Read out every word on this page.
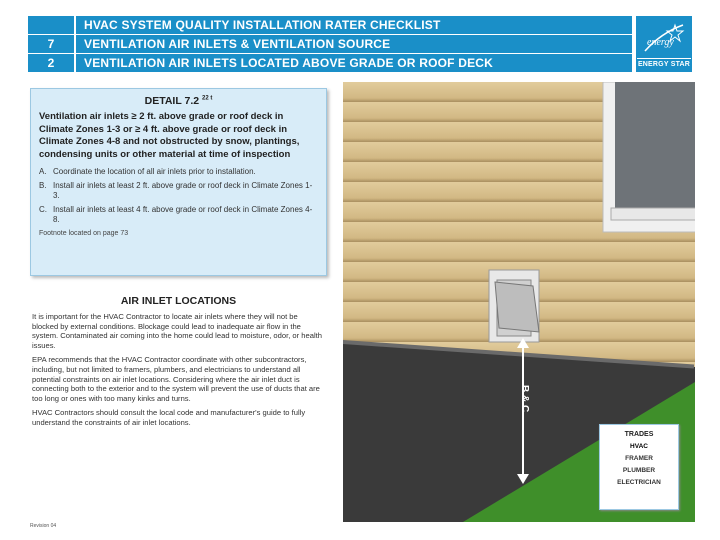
HVAC SYSTEM QUALITY INSTALLATION RATER CHECKLIST
7	VENTILATION AIR INLETS & VENTILATION SOURCE
2	VENTILATION AIR INLETS LOCATED ABOVE GRADE OR ROOF DECK
energy
ENERGY STAR
DETAIL 7.2 $^{22 t}$
Ventilation air inlets ≥ 2 ft. above grade or roof deck in Climate Zones 1-3 or ≥ 4 ft. above grade or roof deck in Climate Zones 4-8 and not obstructed by snow, plantings, condensing units or other material at time of inspection
A. Coordinate the location of all air inlets prior to installation.
B. Install air inlets at least 2 ft. above grade or roof deck in Climate Zones 1-3.
C. Install air inlets at least 4 ft. above grade or roof deck in Climate Zones 4-8.
Footnote located on page 73
AIR INLET LOCATIONS

It is important for the HVAC Contractor to locate air inlets where they will not be blocked by external conditions. Blockage could lead to inadequate air flow in the system. Contaminated air coming into the home could lead to moisture, odor, or health issues.

EPA recommends that the HVAC Contractor coordinate with other subcontractors, including, but not limited to framers, plumbers, and electricians to understand all potential constraints on air inlet locations. Considering where the air inlet duct is connecting both to the exterior and to the system will prevent the use of ducts that are too long or ones with too many kinks and turns.

HVAC Contractors should consult the local code and manufacturer's guide to fully understand the constraints of air inlet locations.

Revision 04
B & C
TRADES
HVAC
FRAMER
PLUMBER
ELECTRICIAN
